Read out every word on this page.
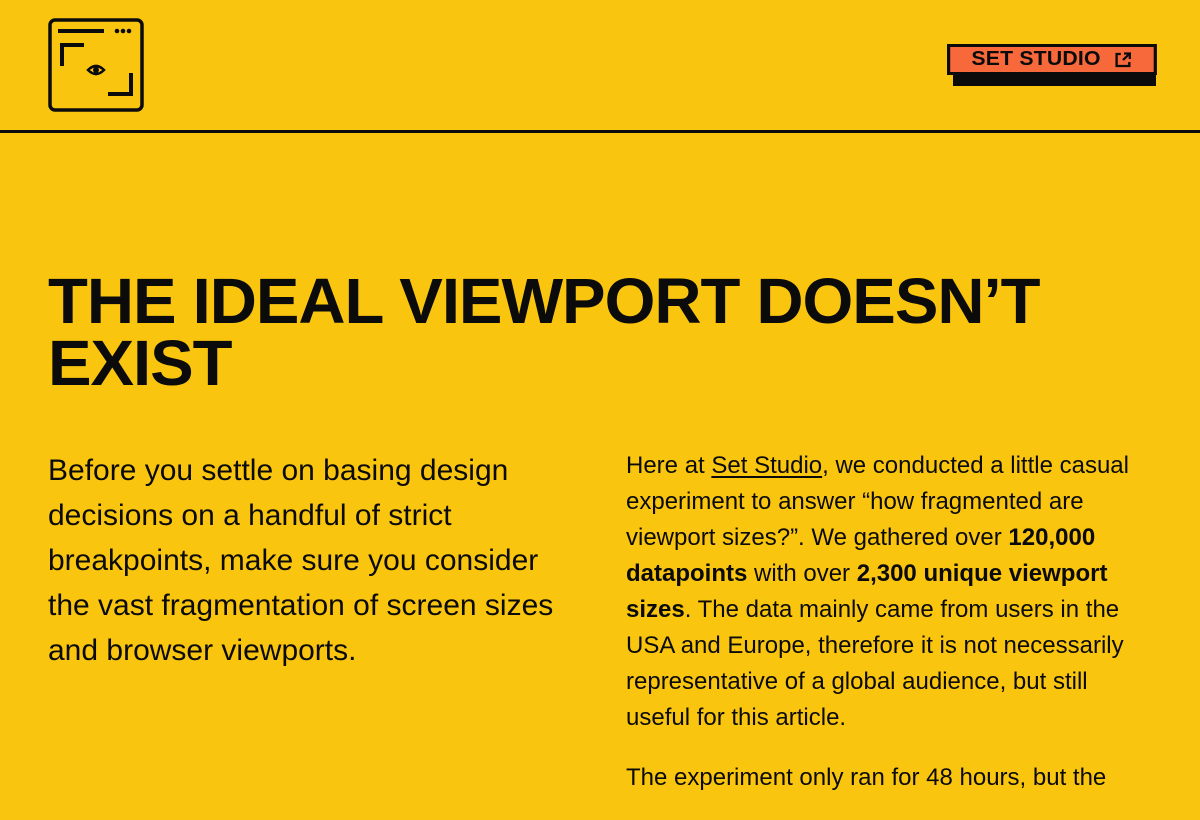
SET STUDIO
THE IDEAL VIEWPORT DOESN’T EXIST

Before you settle on basing design decisions on a handful of strict breakpoints, make sure you consider the vast fragmentation of screen sizes and browser viewports.

Here at Set Studio, we conducted a little casual experiment to answer “how fragmented are viewport sizes?”. We gathered over 120,000 datapoints with over 2,300 unique viewport sizes. The data mainly came from users in the USA and Europe, therefore it is not necessarily representative of a global audience, but still useful for this article.

The experiment only ran for 48 hours, but the
